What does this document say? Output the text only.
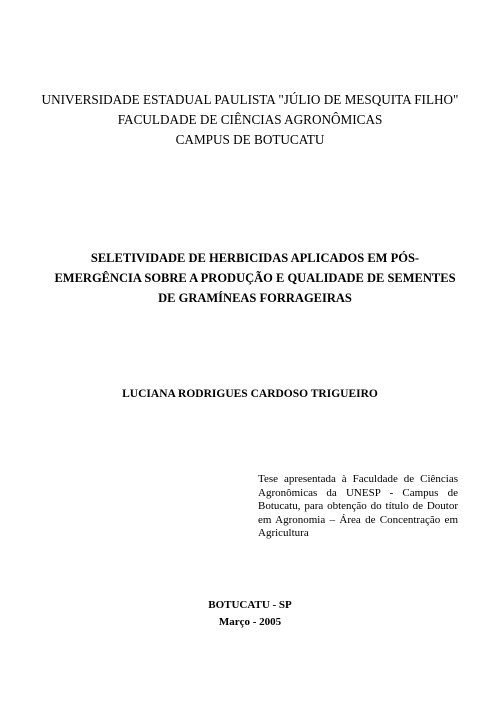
UNIVERSIDADE ESTADUAL PAULISTA "JÚLIO DE MESQUITA FILHO"
FACULDADE DE CIÊNCIAS AGRONÔMICAS
CAMPUS DE BOTUCATU
SELETIVIDADE DE HERBICIDAS APLICADOS EM PÓS-
EMERGÊNCIA SOBRE A PRODUÇÃO E QUALIDADE DE SEMENTES
DE GRAMÍNEAS FORRAGEIRAS
LUCIANA RODRIGUES CARDOSO TRIGUEIRO
Tese apresentada à Faculdade de Ciências Agronômicas da UNESP - Campus de Botucatu, para obtenção do título de Doutor em Agronomia – Área de Concentração em Agricultura
BOTUCATU - SP
Março - 2005
